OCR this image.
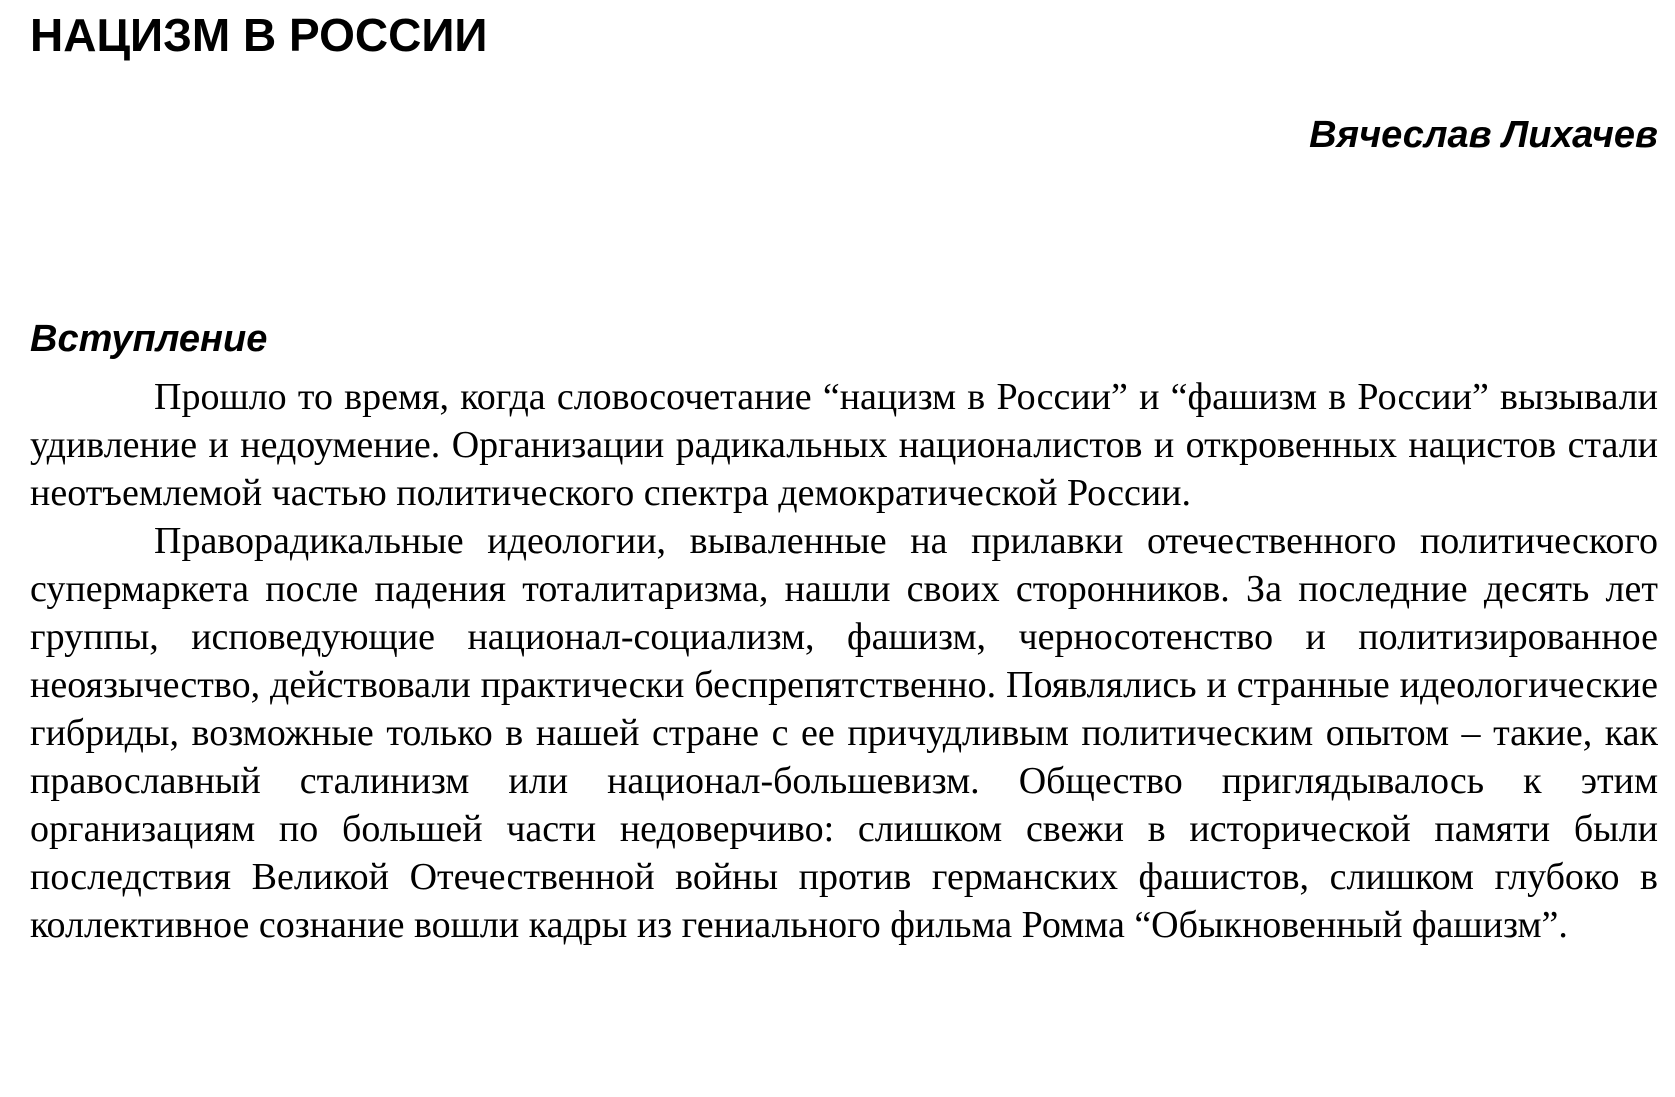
НАЦИЗМ В РОССИИ
Вячеслав Лихачев
Вступление

Прошло то время, когда словосочетание “нацизм в России” и “фашизм в России” вызывали удивление и недоумение. Организации радикальных националистов и откровенных нацистов стали неотъемлемой частью политического спектра демократической России.

Праворадикальные идеологии, вываленные на прилавки отечественного политического супермаркета после падения тоталитаризма, нашли своих сторонников. За последние десять лет группы, исповедующие национал-социализм, фашизм, черносотенство и политизированное неоязычество, действовали практически беспрепятственно. Появлялись и странные идеологические гибриды, возможные только в нашей стране с ее причудливым политическим опытом – такие, как православный сталинизм или национал-большевизм. Общество приглядывалось к этим организациям по большей части недоверчиво: слишком свежи в исторической памяти были последствия Великой Отечественной войны против германских фашистов, слишком глубоко в коллективное сознание вошли кадры из гениального фильма Ромма “Обыкновенный фашизм”.
